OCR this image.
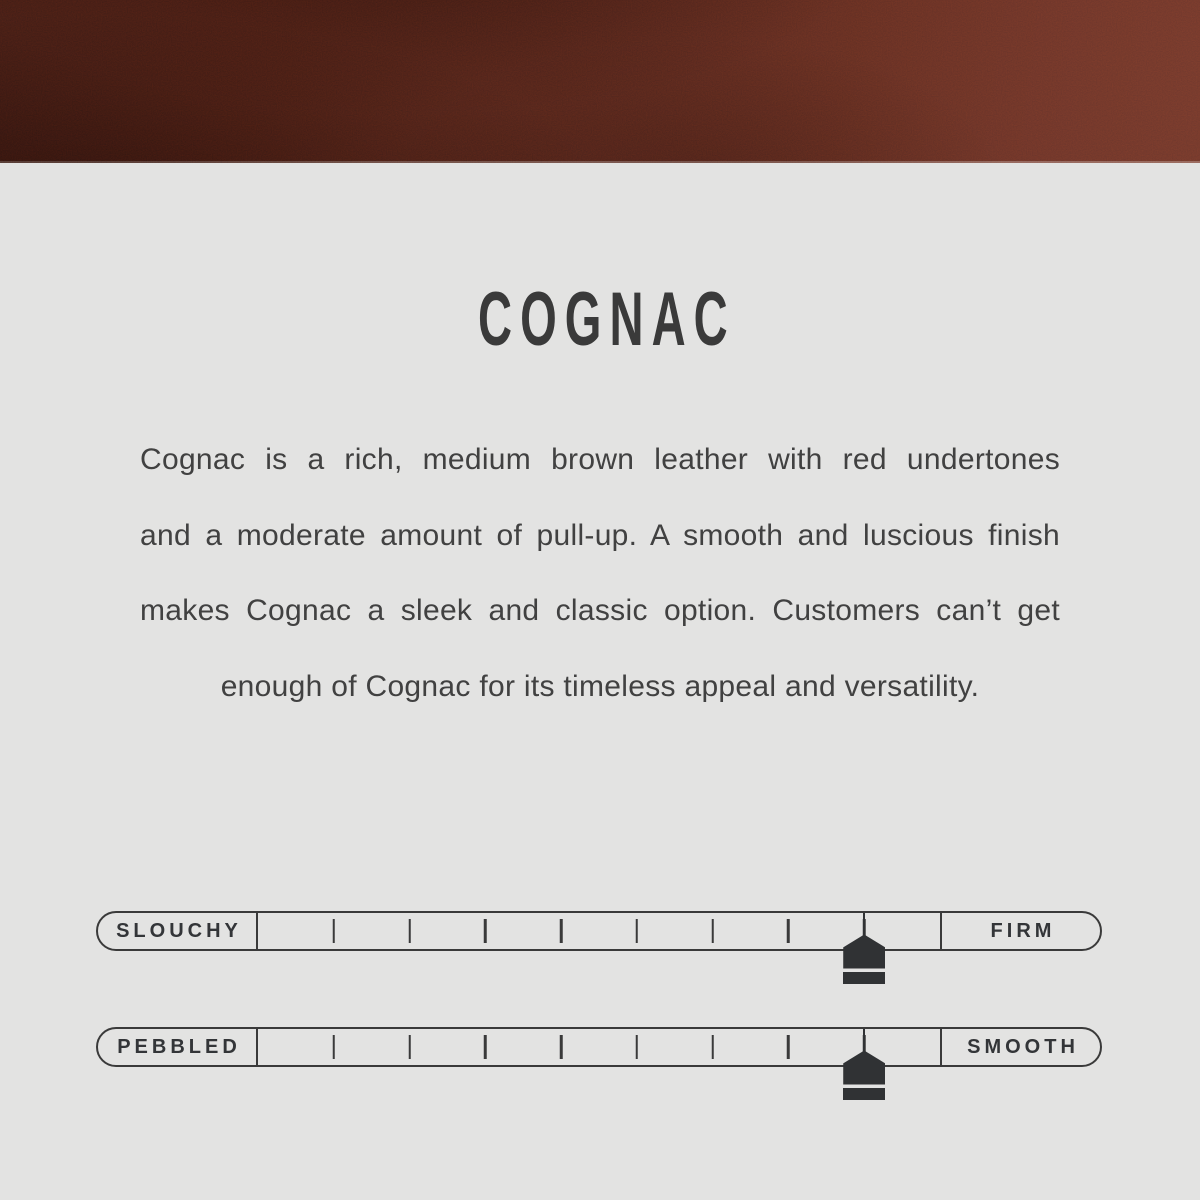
COGNAC
Cognac is a rich, medium brown leather with red undertones
and a moderate amount of pull-up. A smooth and luscious finish
makes Cognac a sleek and classic option. Customers can’t get
enough of Cognac for its timeless appeal and versatility.
SLOUCHY	FIRM
PEBBLED	SMOOTH
